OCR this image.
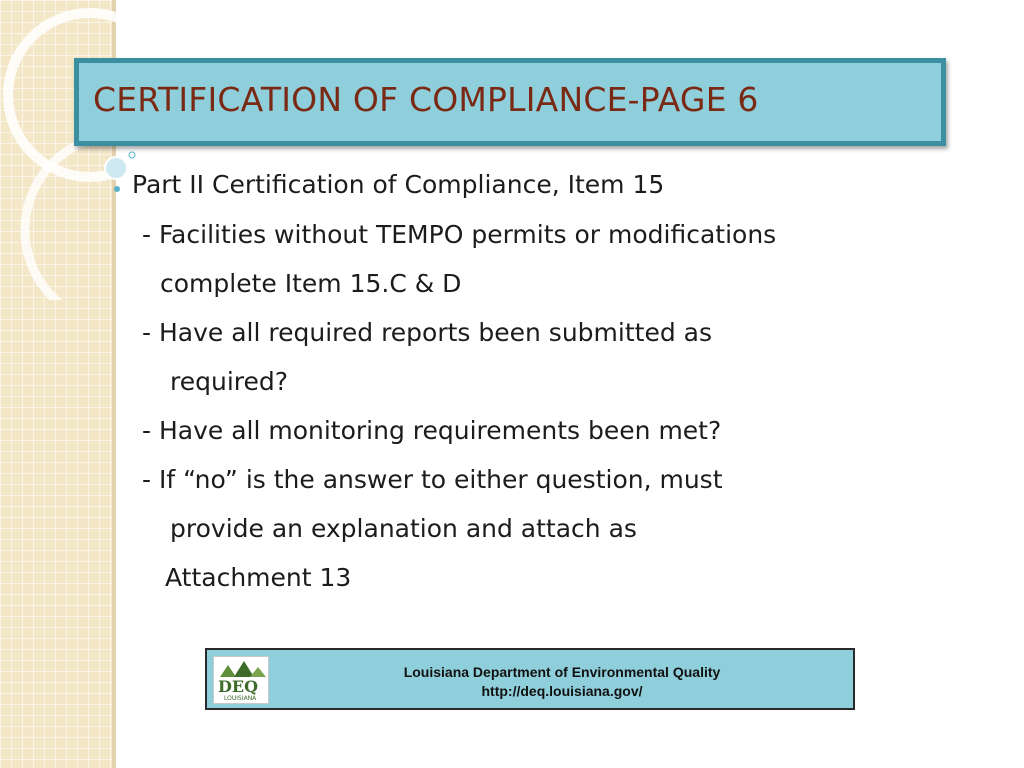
CERTIFICATION OF COMPLIANCE-PAGE 6
Part II Certification of Compliance, Item 15
- Facilities without TEMPO permits or modifications
complete Item 15.C & D
- Have all required reports been submitted as
required?
- Have all monitoring requirements been met?
- If “no” is the answer to either question, must
provide an explanation and attach as
Attachment 13
DEQ
LOUISIANA
Louisiana Department of Environmental Quality
http://deq.louisiana.gov/
